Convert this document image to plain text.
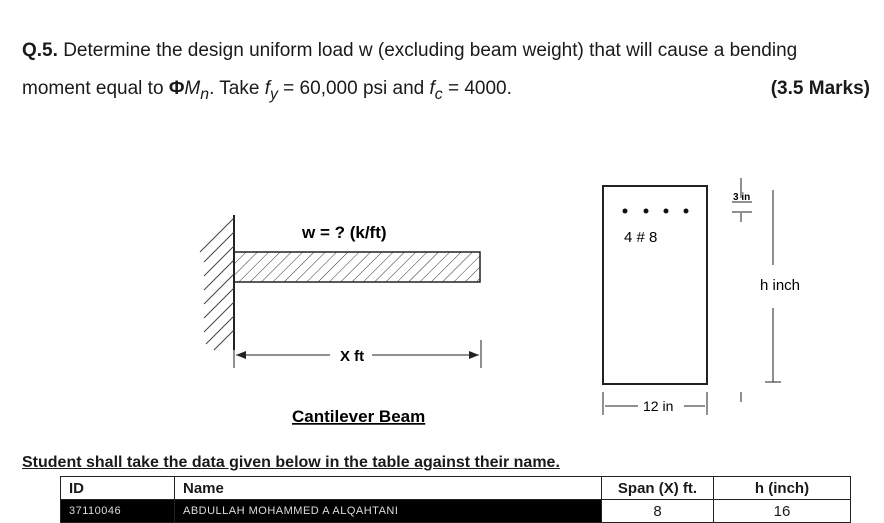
Q.5. Determine the design uniform load w (excluding beam weight) that will cause a bending
moment equal to $\Phi M_n$. Take $f_y = 60,000$ psi and $f_c = 4000$.	(3.5 Marks)
w = ? (k/ft)
X ft
Cantilever Beam
4 # 8
12 in
3 in
h inch
Student shall take the data given below in the table against their name.
ID	Name	Span (X) ft.	h (inch)
37110046	ABDULLAH MOHAMMED A ALQAHTANI	8	16
